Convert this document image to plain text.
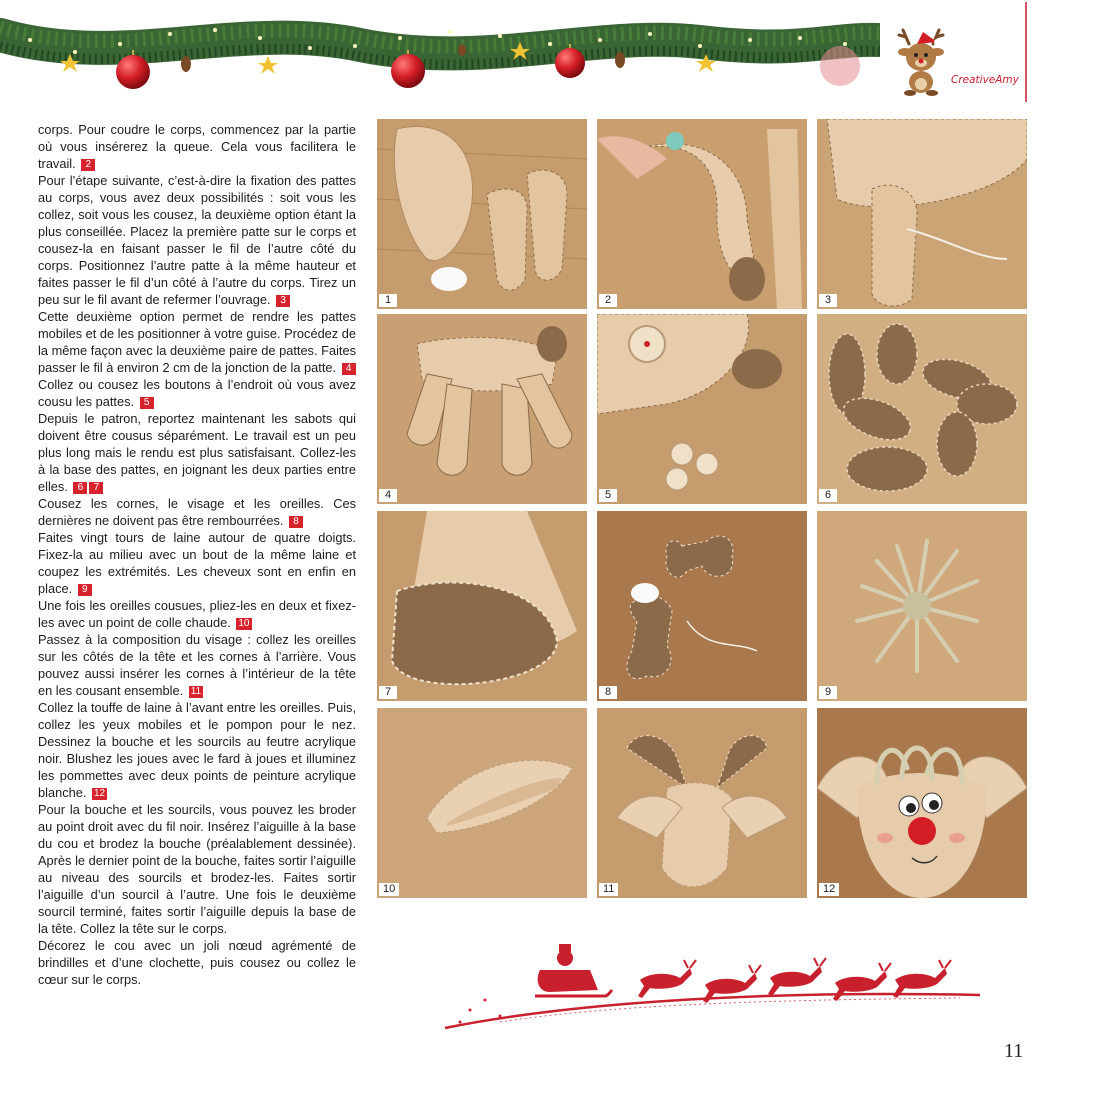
CreativeAmy

corps. Pour coudre le corps, commencez par la partie où vous insérerez la queue. Cela vous facilitera le travail. 2

Pour l’étape suivante, c’est-à-dire la fixation des pattes au corps, vous avez deux possibilités : soit vous les collez, soit vous les cousez, la deuxième option étant la plus conseillée. Placez la première patte sur le corps et cousez-la en faisant passer le fil de l’autre côté du corps. Positionnez l’autre patte à la même hauteur et faites passer le fil d’un côté à l’autre du corps. Tirez un peu sur le fil avant de refermer l’ouvrage. 3

Cette deuxième option permet de rendre les pattes mobiles et de les positionner à votre guise. Procédez de la même façon avec la deuxième paire de pattes. Faites passer le fil à environ 2 cm de la jonction de la patte. 4

Collez ou cousez les boutons à l’endroit où vous avez cousu les pattes. 5

Depuis le patron, reportez maintenant les sabots qui doivent être cousus séparément. Le travail est un peu plus long mais le rendu est plus satisfaisant. Collez-les à la base des pattes, en joignant les deux parties entre elles. 6 7

Cousez les cornes, le visage et les oreilles. Ces dernières ne doivent pas être rembourrées. 8

Faites vingt tours de laine autour de quatre doigts. Fixez-la au milieu avec un bout de la même laine et coupez les extrémités. Les cheveux sont en enfin en place. 9

Une fois les oreilles cousues, pliez-les en deux et fixez-les avec un point de colle chaude. 10

Passez à la composition du visage : collez les oreilles sur les côtés de la tête et les cornes à l’arrière. Vous pouvez aussi insérer les cornes à l’intérieur de la tête en les cousant ensemble. 11

Collez la touffe de laine à l’avant entre les oreilles. Puis, collez les yeux mobiles et le pompon pour le nez. Dessinez la bouche et les sourcils au feutre acrylique noir. Blushez les joues avec le fard à joues et illuminez les pommettes avec deux points de peinture acrylique blanche. 12

Pour la bouche et les sourcils, vous pouvez les broder au point droit avec du fil noir. Insérez l’aiguille à la base du cou et brodez la bouche (préalablement dessinée). Après le dernier point de la bouche, faites sortir l’aiguille au niveau des sourcils et brodez-les. Faites sortir l’aiguille d’un sourcil à l’autre. Une fois le deuxième sourcil terminé, faites sortir l’aiguille depuis la base de la tête. Collez la tête sur le corps.

Décorez le cou avec un joli nœud agrémenté de brindilles et d’une clochette, puis cousez ou collez le cœur sur le corps.

1	2	3
4	5	6
7	8	9
10	11	12
11
